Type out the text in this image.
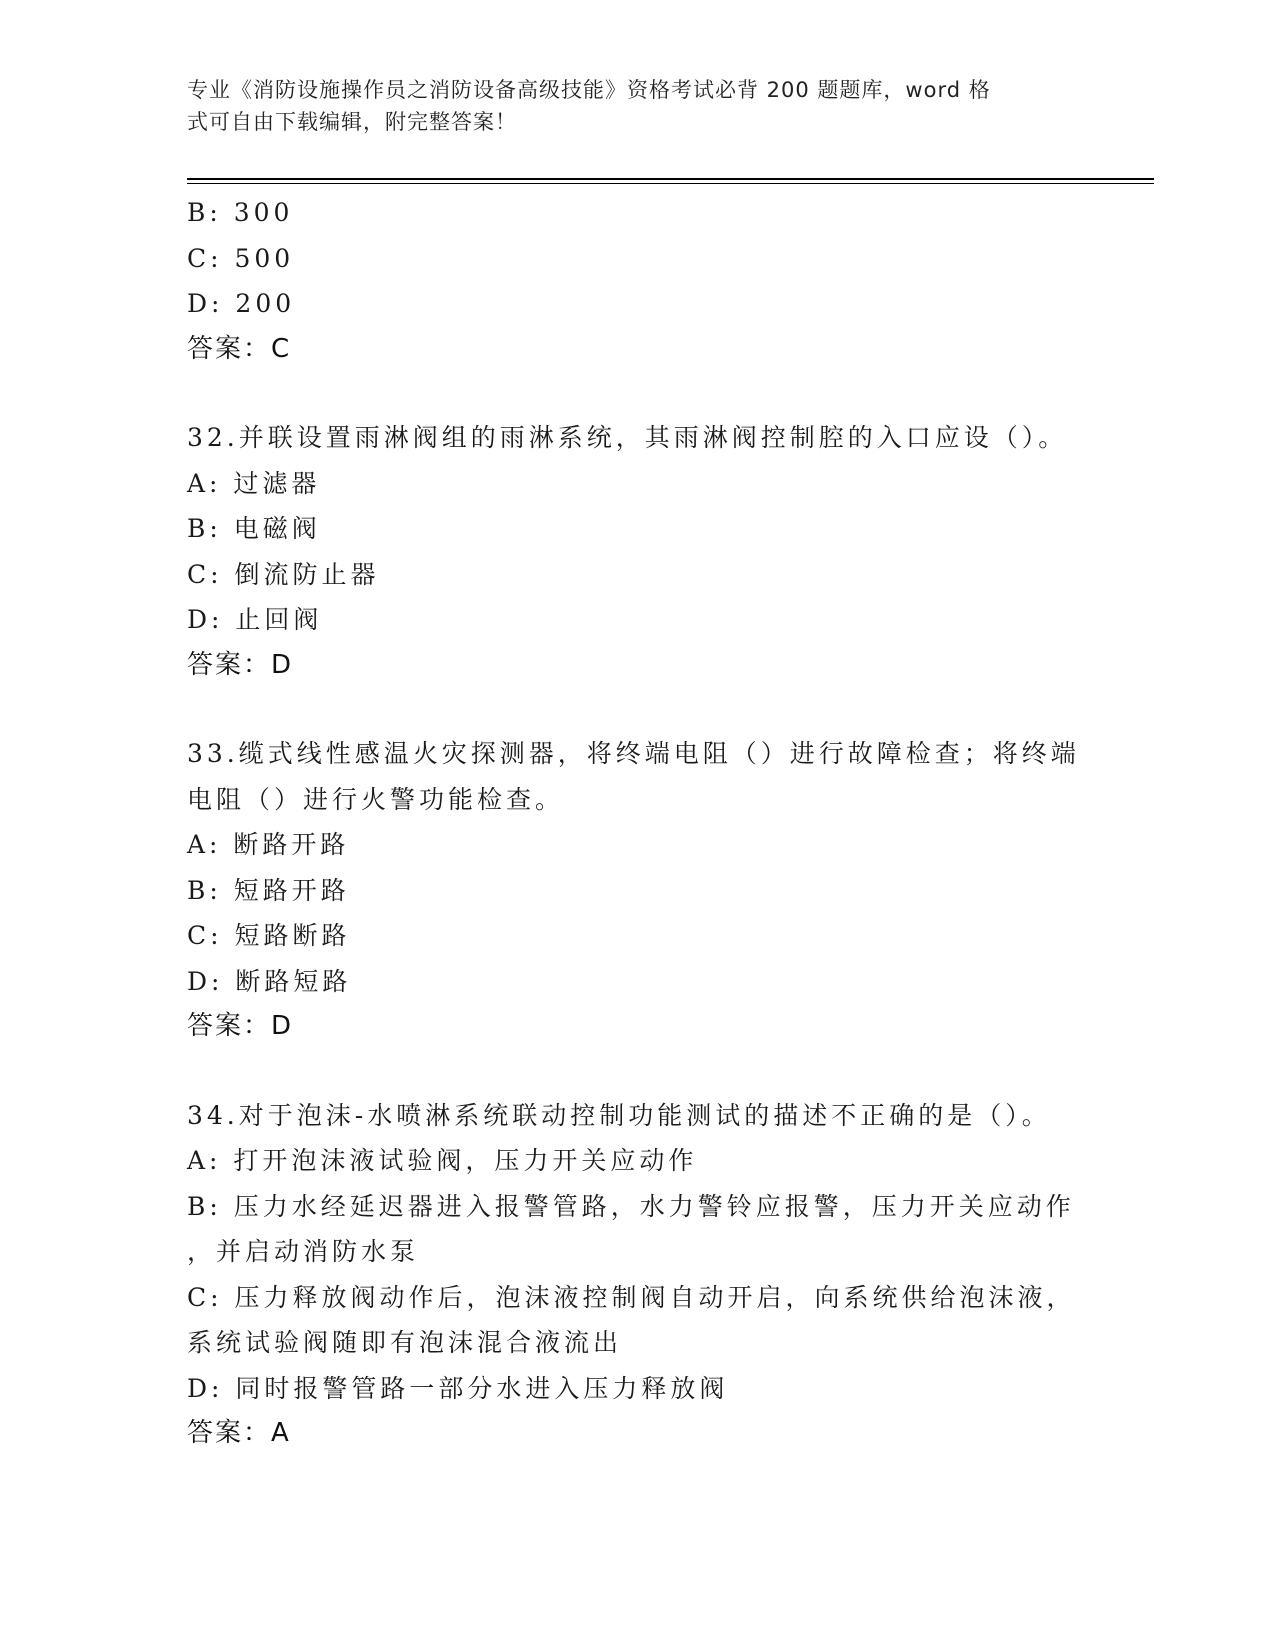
专业《消防设施操作员之消防设备高级技能》资格考试必背 200 题题库，word 格
式可自由下载编辑，附完整答案！
B: 300
C: 500
D: 200
答案：C
32.并联设置雨淋阀组的雨淋系统，其雨淋阀控制腔的入口应设（）。
A: 过滤器
B: 电磁阀
C: 倒流防止器
D: 止回阀
答案：D
33.缆式线性感温火灾探测器，将终端电阻（）进行故障检查；将终端
电阻（）进行火警功能检查。
A: 断路开路
B: 短路开路
C: 短路断路
D: 断路短路
答案：D
34.对于泡沫-水喷淋系统联动控制功能测试的描述不正确的是（）。
A: 打开泡沫液试验阀，压力开关应动作
B: 压力水经延迟器进入报警管路，水力警铃应报警，压力开关应动作
，并启动消防水泵
C: 压力释放阀动作后，泡沫液控制阀自动开启，向系统供给泡沫液，
系统试验阀随即有泡沫混合液流出
D: 同时报警管路一部分水进入压力释放阀
答案：A
